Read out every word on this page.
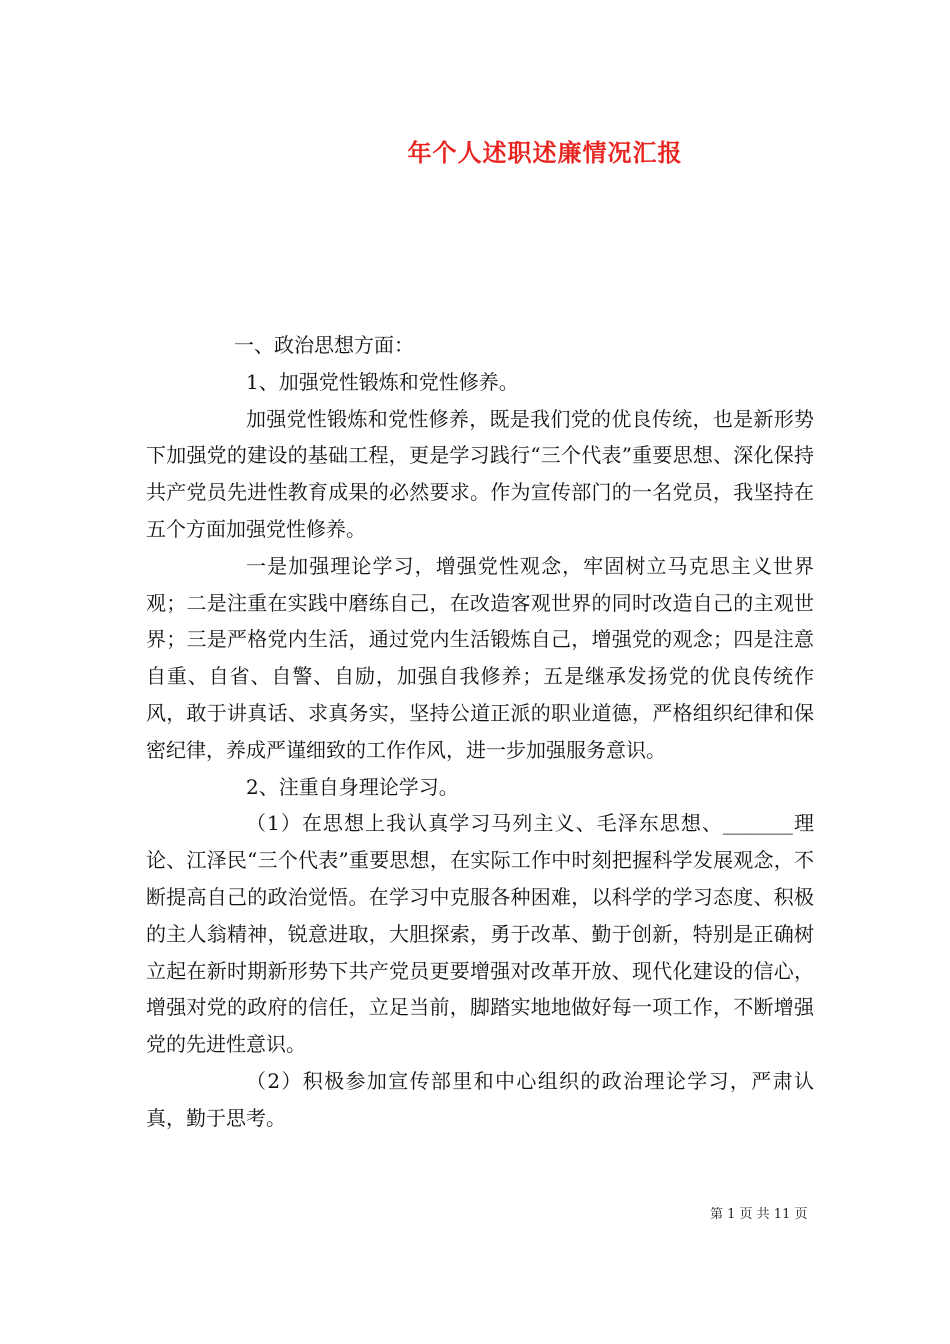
年个人述职述廉情况汇报

一、政治思想方面：

1、加强党性锻炼和党性修养。

加强党性锻炼和党性修养，既是我们党的优良传统，也是新形势下加强党的建设的基础工程，更是学习践行“三个代表”重要思想、深化保持共产党员先进性教育成果的必然要求。作为宣传部门的一名党员，我坚持在五个方面加强党性修养。

一是加强理论学习，增强党性观念，牢固树立马克思主义世界观；二是注重在实践中磨练自己，在改造客观世界的同时改造自己的主观世界；三是严格党内生活，通过党内生活锻炼自己，增强党的观念；四是注意自重、自省、自警、自励，加强自我修养；五是继承发扬党的优良传统作风，敢于讲真话、求真务实，坚持公道正派的职业道德，严格组织纪律和保密纪律，养成严谨细致的工作作风，进一步加强服务意识。

2、注重自身理论学习。

（1）在思想上我认真学习马列主义、毛泽东思想、_______理论、江泽民“三个代表”重要思想，在实际工作中时刻把握科学发展观念，不断提高自己的政治觉悟。在学习中克服各种困难，以科学的学习态度、积极的主人翁精神，锐意进取，大胆探索，勇于改革、勤于创新，特别是正确树立起在新时期新形势下共产党员更要增强对改革开放、现代化建设的信心，增强对党的政府的信任，立足当前，脚踏实地地做好每一项工作，不断增强党的先进性意识。

（2）积极参加宣传部里和中心组织的政治理论学习，严肃认真，勤于思考。

第 1 页 共 11 页
